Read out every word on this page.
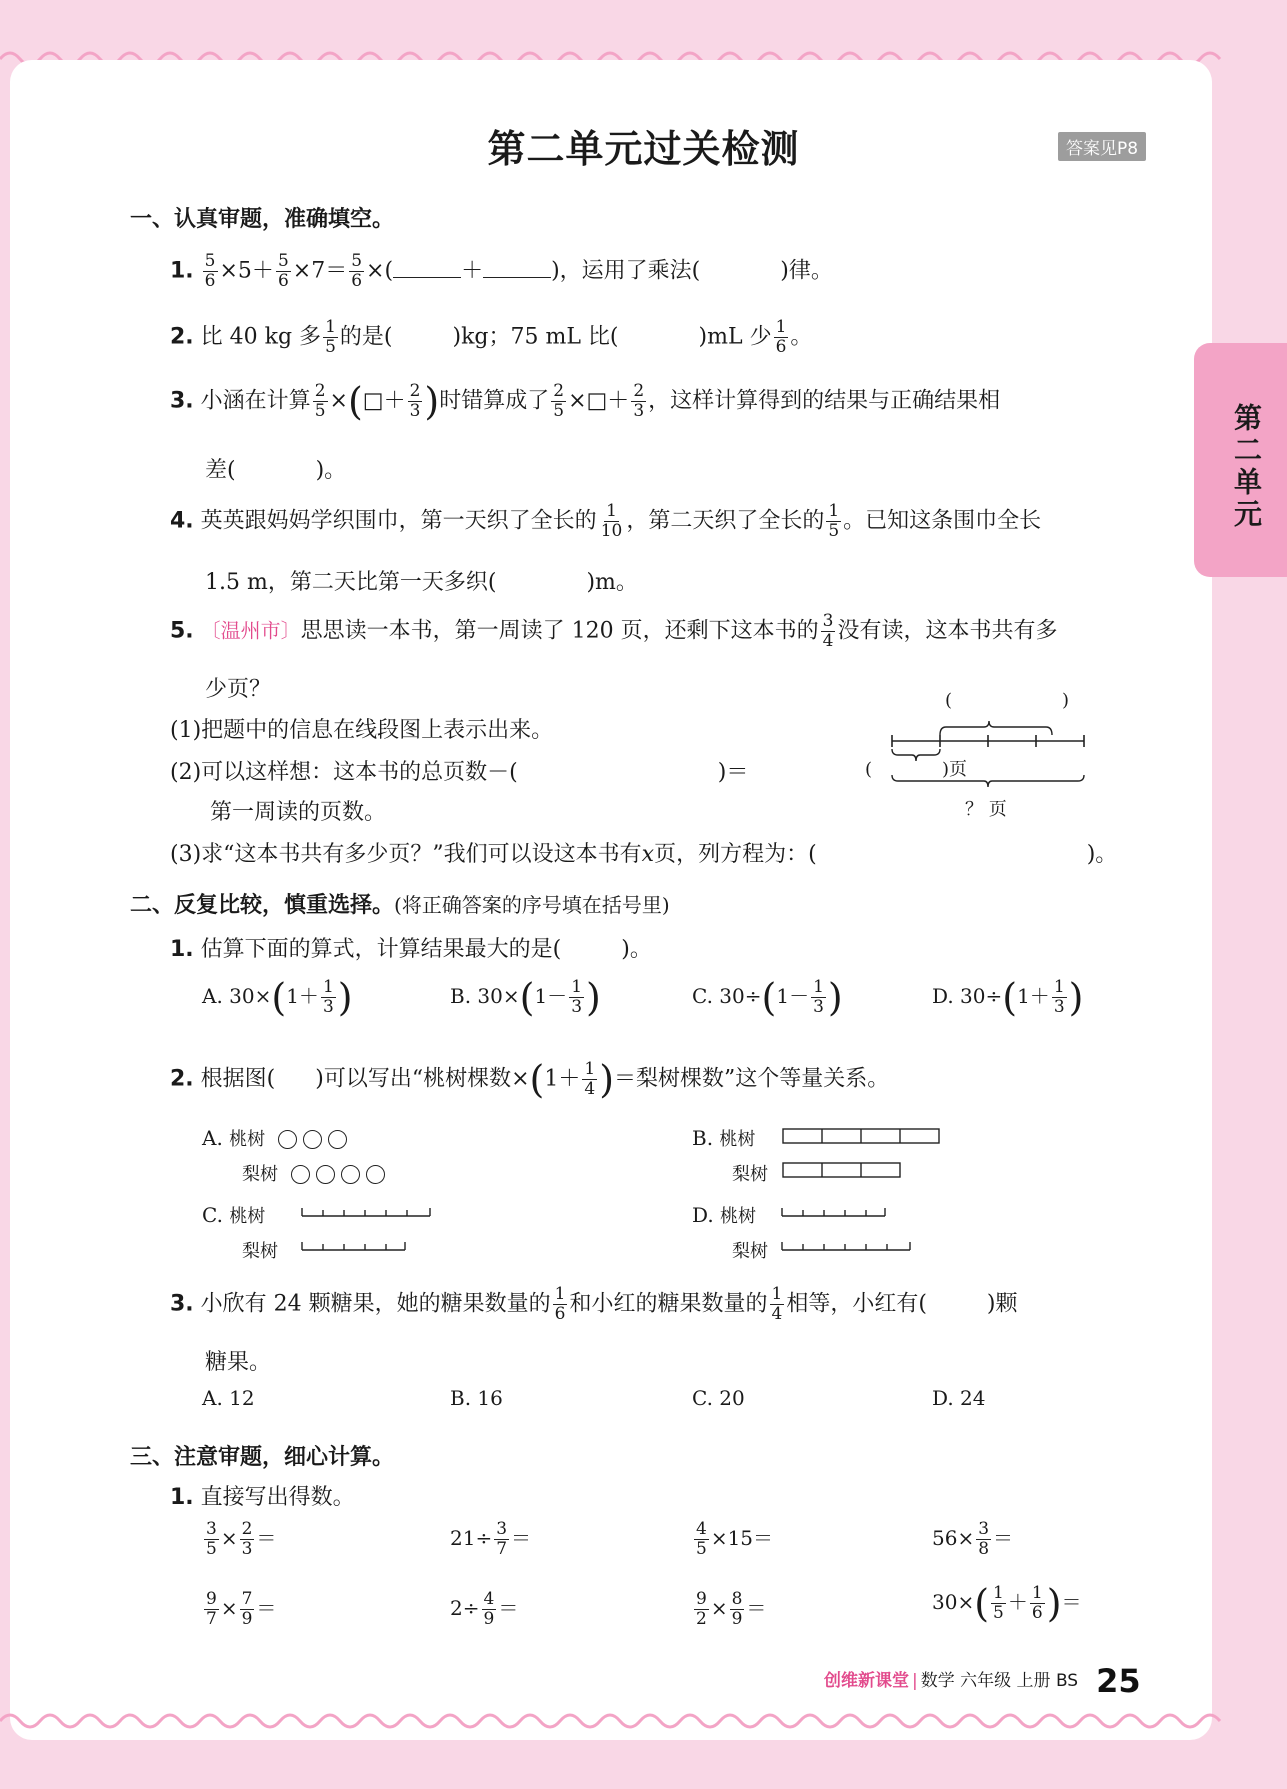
第二单元过关检测	答案见P8
第二单元
一、认真审题，准确填空。
1. $\frac{5}{6} \times 5+ \frac{5}{6} \times 7= \frac{5}{6}$ ×(	＋	)，运用了乘法(	)律。
2. 比 40 kg 多 $\frac{1}{5}$ 的是(	)kg；75 mL 比(	)mL 少 $\frac{1}{6}$ 。
3. 小涵在计算 $\frac{2}{5}$ ×(□＋ $\frac{2}{3}$ )时错算成了 $\frac{2}{5}$ ×□＋ $\frac{2}{3}$ ，这样计算得到的结果与正确结果相
差(	)。
4. 英英跟妈妈学织围巾，第一天织了全长的 $\frac{1}{10}$ ，第二天织了全长的 $\frac{1}{5}$ 。已知这条围巾全长
1.5 m，第二天比第一天多织(	)m。
5. 〔温州市〕思思读一本书，第一周读了 120 页，还剩下这本书的 $\frac{3}{4}$ 没有读，这本书共有多
少页？
(1)把题中的信息在线段图上表示出来。
(2)可以这样想：这本书的总页数－(	)＝	(	)页
第一周读的页数。
(3)求“这本书共有多少页？”我们可以设这本书有x页，列方程为：(	)。
(	)
？ 页
二、反复比较，慎重选择。(将正确答案的序号填在括号里)
1. 估算下面的算式，计算结果最大的是(	)。
A. $30\times(1+ \frac{1}{3}$ )	B. $30\times(1- \frac{1}{3}$ )	C. $30\div(1- \frac{1}{3}$ )	D. $30\div(1+ \frac{1}{3}$ )
2. 根据图( )可以写出“桃树棵数$\times(1+ \frac{1}{4}$ )＝梨树棵数”这个等量关系。
A. 桃树
梨树
B. 桃树
梨树
C. 桃树
梨树
D. 桃树
梨树
3. 小欣有 24 颗糖果，她的糖果数量的 $\frac{1}{6}$ 和小红的糖果数量的 $\frac{1}{4}$ 相等，小红有(	)颗
糖果。
A. 12	B. 16	C. 20	D. 24
三、注意审题，细心计算。
1. 直接写出得数。
$\frac{3}{5} \times \frac{2}{3}$ ＝	$21\div \frac{3}{7}$ ＝	$\frac{4}{5} \times 15=$	$56\times \frac{3}{8}$ ＝
$\frac{9}{7} \times \frac{7}{9}$ ＝	$2\div \frac{4}{9}$ ＝	$\frac{9}{2} \times \frac{8}{9}$ ＝	$30\times( \frac{1}{5} + \frac{1}{6}$ )＝
创维新课堂 | 数学 六年级 上册 BS 25
